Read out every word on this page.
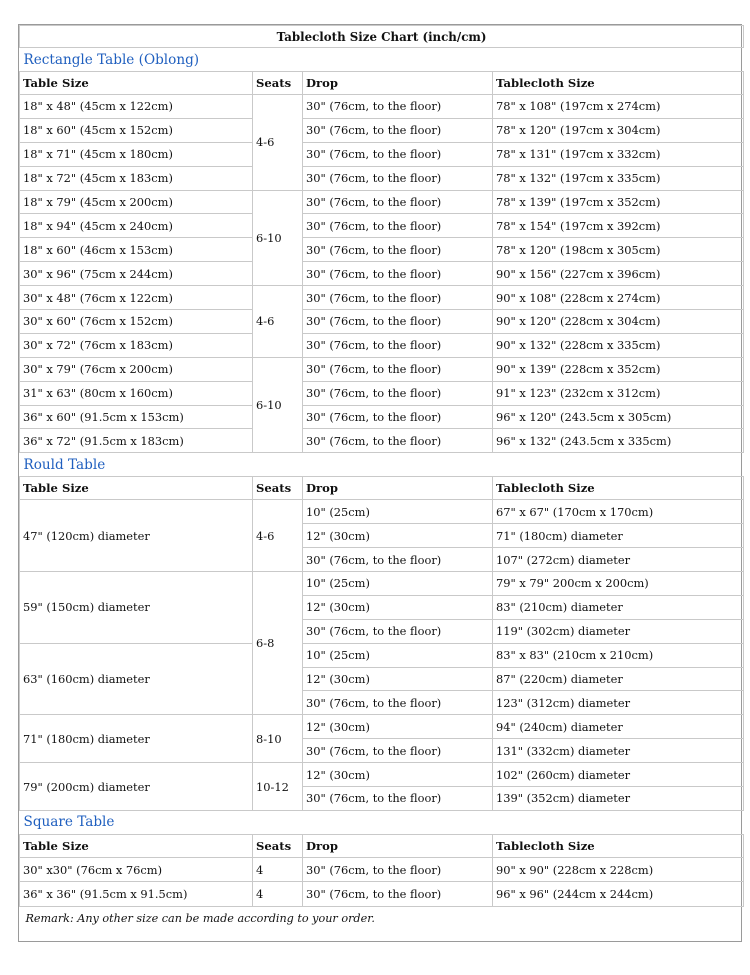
Tablecloth Size Chart (inch/cm)			
Rectangle Table (Oblong)			
Table Size	Seats	Drop	Tablecloth Size
18" x 48" (45cm x 122cm)	4-6	30" (76cm, to the floor)	78" x 108" (197cm x 274cm)
18" x 60" (45cm x 152cm)		30" (76cm, to the floor)	78" x 120" (197cm x 304cm)
18" x 71" (45cm x 180cm)		30" (76cm, to the floor)	78" x 131" (197cm x 332cm)
18" x 72" (45cm x 183cm)		30" (76cm, to the floor)	78" x 132" (197cm x 335cm)
18" x 79" (45cm x 200cm)	6-10	30" (76cm, to the floor)	78" x 139" (197cm x 352cm)
18" x 94" (45cm x 240cm)		30" (76cm, to the floor)	78" x 154" (197cm x 392cm)
18" x 60" (46cm x 153cm)		30" (76cm, to the floor)	78" x 120" (198cm x 305cm)
30" x 96" (75cm x 244cm)		30" (76cm, to the floor)	90" x 156" (227cm x 396cm)
30" x 48" (76cm x 122cm)	4-6	30" (76cm, to the floor)	90" x 108" (228cm x 274cm)
30" x 60" (76cm x 152cm)		30" (76cm, to the floor)	90" x 120" (228cm x 304cm)
30" x 72" (76cm x 183cm)		30" (76cm, to the floor)	90" x 132" (228cm x 335cm)
30" x 79" (76cm x 200cm)	6-10	30" (76cm, to the floor)	90" x 139" (228cm x 352cm)
31" x 63" (80cm x 160cm)		30" (76cm, to the floor)	91" x 123" (232cm x 312cm)
36" x 60" (91.5cm x 153cm)		30" (76cm, to the floor)	96" x 120" (243.5cm x 305cm)
36" x 72" (91.5cm x 183cm)		30" (76cm, to the floor)	96" x 132" (243.5cm x 335cm)
Rould Table			
Table Size	Seats	Drop	Tablecloth Size
47" (120cm) diameter	4-6	10" (25cm)	67" x 67" (170cm x 170cm)
		12" (30cm)	71" (180cm) diameter
		30" (76cm, to the floor)	107" (272cm) diameter
59" (150cm) diameter	6-8	10" (25cm)	79" x 79" 200cm x 200cm)
		12" (30cm)	83" (210cm) diameter
		30" (76cm, to the floor)	119" (302cm) diameter
63" (160cm) diameter		10" (25cm)	83" x 83" (210cm x 210cm)
		12" (30cm)	87" (220cm) diameter
		30" (76cm, to the floor)	123" (312cm) diameter
71" (180cm) diameter	8-10	12" (30cm)	94" (240cm) diameter
		30" (76cm, to the floor)	131" (332cm) diameter
79" (200cm) diameter	10-12	12" (30cm)	102" (260cm) diameter
		30" (76cm, to the floor)	139" (352cm) diameter
Square Table			
Table Size	Seats	Drop	Tablecloth Size
30" x30" (76cm x 76cm)	4	30" (76cm, to the floor)	90" x 90" (228cm x 228cm)
36" x 36" (91.5cm x 91.5cm)	4	30" (76cm, to the floor)	96" x 96" (244cm x 244cm)
Remark: Any other size can be made according to your order.			
